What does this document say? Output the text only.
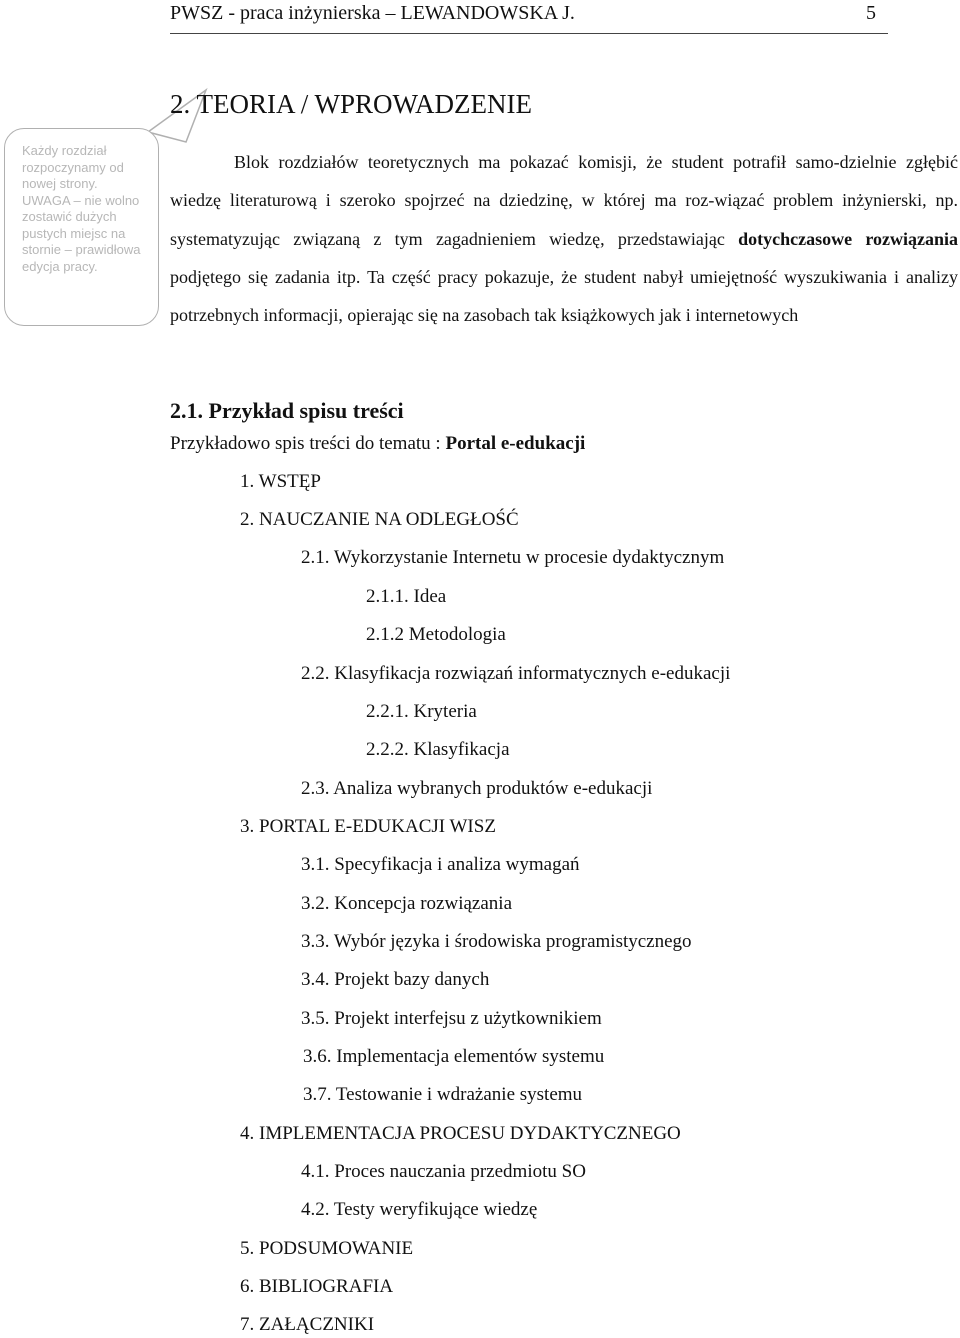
PWSZ - praca inżynierska – LEWANDOWSKA J.	5
Każdy rozdział rozpoczynamy od nowej strony. UWAGA – nie wolno zostawić dużych pustych miejsc na stornie – prawidłowa edycja pracy.
2. TEORIA / WPROWADZENIE
Blok rozdziałów teoretycznych ma pokazać komisji, że student potrafił samo-dzielnie zgłębić wiedzę literaturową i szeroko spojrzeć na dziedzinę, w której ma roz-wiązać problem inżynierski, np. systematyzując związaną z tym zagadnieniem wiedzę, przedstawiając dotychczasowe rozwiązania podjętego się zadania itp. Ta część pracy pokazuje, że student nabył umiejętność wyszukiwania i analizy potrzebnych informacji, opierając się na zasobach tak książkowych jak i internetowych
2.1. Przykład spisu treści
Przykładowo spis treści do tematu : Portal e-edukacji
1. WSTĘP
2. NAUCZANIE NA ODLEGŁOŚĆ
2.1. Wykorzystanie Internetu w procesie dydaktycznym
2.1.1. Idea
2.1.2 Metodologia
2.2. Klasyfikacja rozwiązań informatycznych e-edukacji
2.2.1. Kryteria
2.2.2. Klasyfikacja
2.3. Analiza wybranych produktów e-edukacji
3. PORTAL E-EDUKACJI WISZ
3.1. Specyfikacja i analiza wymagań
3.2. Koncepcja rozwiązania
3.3. Wybór języka i środowiska programistycznego
3.4. Projekt bazy danych
3.5. Projekt interfejsu z użytkownikiem
3.6. Implementacja elementów systemu
3.7. Testowanie i wdrażanie systemu
4. IMPLEMENTACJA PROCESU DYDAKTYCZNEGO
4.1. Proces nauczania przedmiotu SO
4.2. Testy weryfikujące wiedzę
5. PODSUMOWANIE
6. BIBLIOGRAFIA
7. ZAŁĄCZNIKI
